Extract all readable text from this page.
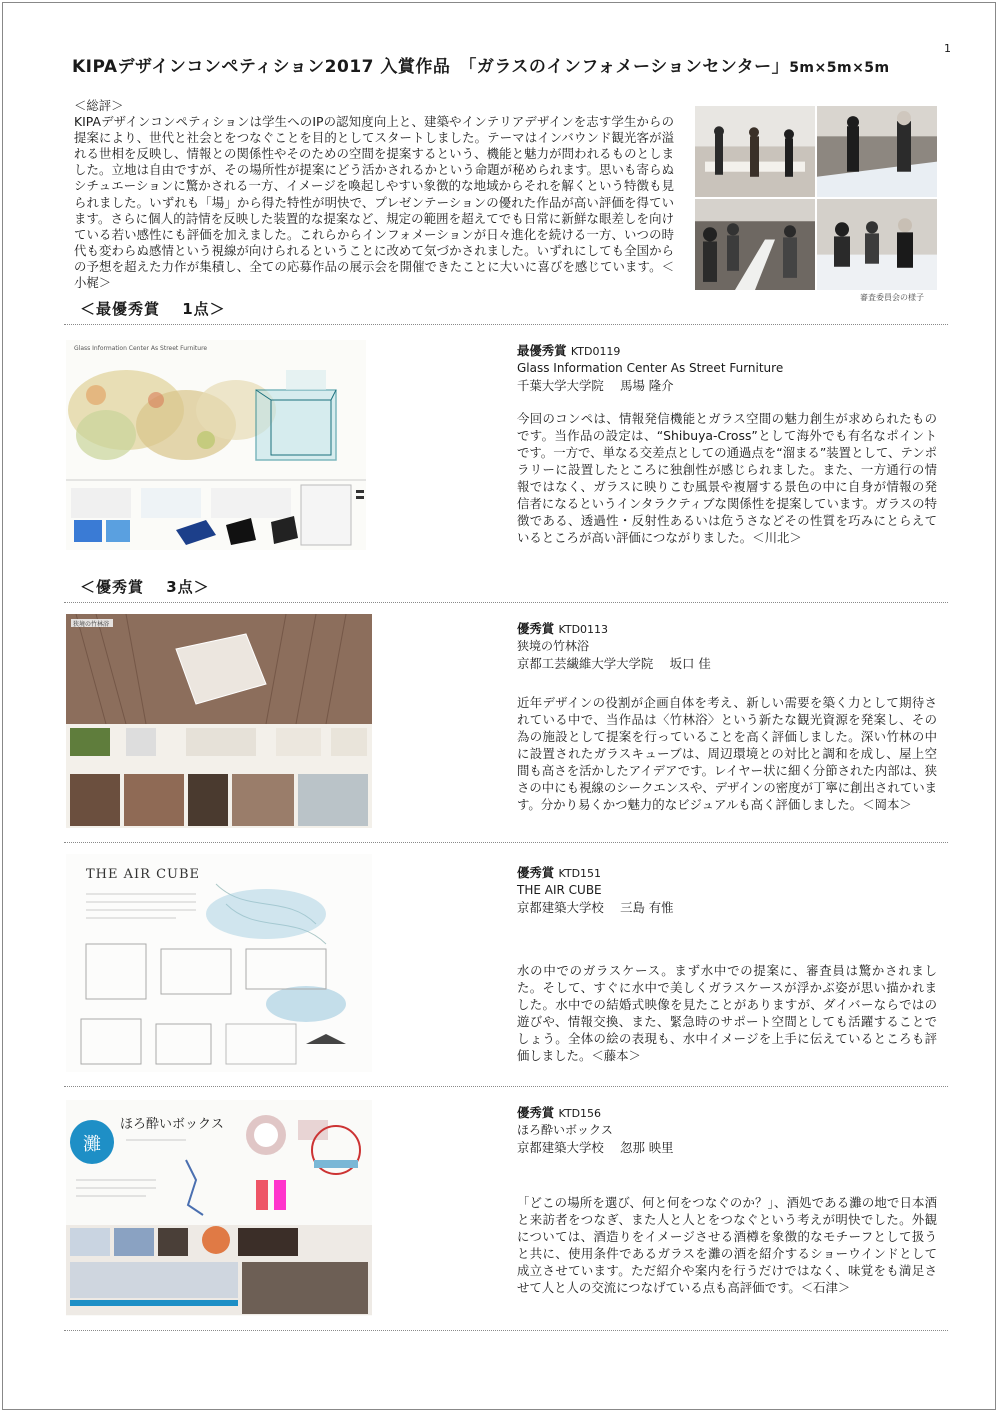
1
KIPAデザインコンペティション2017 入賞作品　「ガラスのインフォメーションセンター」5m×5m×5m
＜総評＞

KIPAデザインコンペティションは学生へのIPの認知度向上と、建築やインテリアデザインを志す学生からの提案により、世代と社会とをつなぐことを目的としてスタートしました。テーマはインバウンド観光客が溢れる世相を反映し、情報との関係性やそのための空間を提案するという、機能と魅力が問われるものとしました。立地は自由ですが、その場所性が提案にどう活かされるかという命題が秘められます。思いも寄らぬシチュエーションに驚かされる一方、イメージを喚起しやすい象徴的な地域からそれを解くという特徴も見られました。いずれも「場」から得た特性が明快で、プレゼンテーションの優れた作品が高い評価を得ています。さらに個人的詩情を反映した装置的な提案など、規定の範囲を超えてでも日常に新鮮な眼差しを向けている若い感性にも評価を加えました。これらからインフォメーションが日々進化を続ける一方、いつの時代も変わらぬ感情という視線が向けられるということに改めて気づかされました。いずれにしても全国からの予想を超えた力作が集積し、全ての応募作品の展示会を開催できたことに大いに喜びを感じています。＜小梶＞

審査委員会の様子
＜最優秀賞　 1点＞
Glass Information Center As Street Furniture	最優秀賞 KTD0119
Glass Information Center As Street Furniture
千葉大学大学院　 馬場 隆介

今回のコンペは、情報発信機能とガラス空間の魅力創生が求められたものです。当作品の設定は、“Shibuya-Cross”として海外でも有名なポイントです。一方で、単なる交差点としての通過点を“溜まる”装置として、テンポラリーに設置したところに独創性が感じられました。また、一方通行の情報ではなく、ガラスに映りこむ風景や複層する景色の中に自身が情報の発信者になるというインタラクティブな関係性を提案しています。ガラスの特徴である、透過性・反射性あるいは危うさなどその性質を巧みにとらえているところが高い評価につながりました。＜川北＞

＜優秀賞　 3点＞
狭境の竹林浴	優秀賞 KTD0113
狭境の竹林浴
京都工芸繊維大学大学院　 坂口 佳

近年デザインの役割が企画自体を考え、新しい需要を築く力として期待されている中で、当作品は〈竹林浴〉という新たな観光資源を発案し、その為の施設として提案を行っていることを高く評価しました。深い竹林の中に設置されたガラスキューブは、周辺環境との対比と調和を成し、屋上空間も高さを活かしたアイデアです。レイヤー状に細く分節された内部は、狭さの中にも視線のシークエンスや、デザインの密度が丁寧に創出されています。分かり易くかつ魅力的なビジュアルも高く評価しました。＜岡本＞

THE AIR CUBE	優秀賞 KTD151
THE AIR CUBE
京都建築大学校　 三島 有惟

水の中でのガラスケース。まず水中での提案に、審査員は驚かされました。そして、すぐに水中で美しくガラスケースが浮かぶ姿が思い描かれました。水中での結婚式映像を見たことがありますが、ダイバーならではの遊びや、情報交換、また、緊急時のサポート空間としても活躍することでしょう。全体の絵の表現も、水中イメージを上手に伝えているところも評価しました。＜藤本＞

灘
ほろ酔いボックス
優秀賞 KTD156
ほろ酔いボックス
京都建築大学校　 忽那 映里

「どこの場所を選び、何と何をつなぐのか？」、酒処である灘の地で日本酒と来訪者をつなぎ、また人と人とをつなぐという考えが明快でした。外観については、酒造りをイメージさせる酒樽を象徴的なモチーフとして扱うと共に、使用条件であるガラスを灘の酒を紹介するショーウインドとして成立させています。ただ紹介や案内を行うだけではなく、味覚をも満足させて人と人の交流につなげている点も高評価です。＜石津＞
